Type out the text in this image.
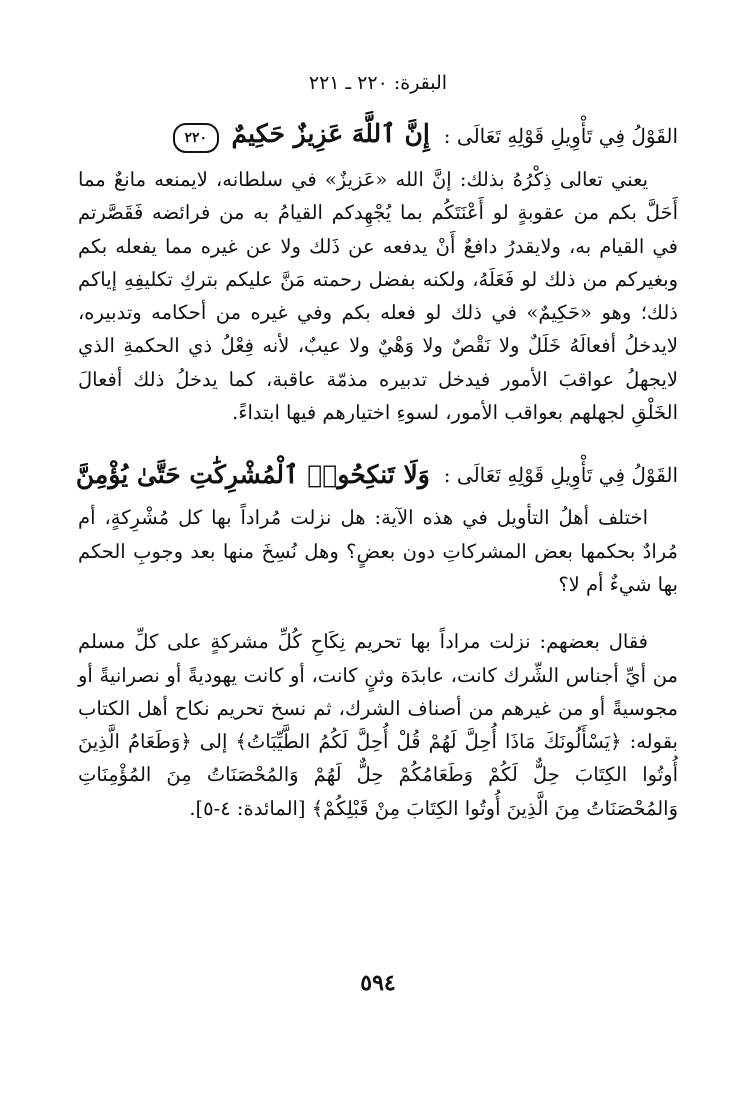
البقرة: ٢٢٠ ـ ٢٢١
القَوْلُ فِي تَأْوِيلِ قَوْلِهِ تَعَالَى :
إِنَّ ٱللَّهَ عَزِيزٌ حَكِيمٌ ٢٢٠

يعني تعالى ذِكْرُهُ بذلك: إنَّ الله «عَزيزٌ» في سلطانه، لايمنعه مانعٌ مما أَحَلَّ بكم من عقوبةٍ لو أَعْنَتَكُم بما يُجْهِدكم القيامُ به من فرائضه فَقَصَّرتم في القيام به، ولايقدرُ دافعٌ أَنْ يدفعه عن ذَلك ولا عن غيره مما يفعله بكم وبغيركم من ذلك لو فَعَلَهُ، ولكنه بفضل رحمته مَنَّ عليكم بتركِ تكليفِهِ إياكم ذلك؛ وهو «حَكِيمٌ» في ذلك لو فعله بكم وفي غيره من أحكامه وتدبيره، لايدخلُ أفعالَهُ خَلَلٌ ولا نَقْصٌ ولا وَهْيٌ ولا عيبٌ، لأنه فِعْلُ ذي الحكمةِ الذي لايجهلُ عواقبَ الأمور فيدخل تدبيره مذمّة عاقبة، كما يدخلُ ذلك أفعالَ الخَلْقِ لجهلهم بعواقب الأمور، لسوءِ اختيارهم فيها ابتداءً.

القَوْلُ فِي تَأْوِيلِ قَوْلِهِ تَعَالَى :
وَلَا تَنكِحُوا۟ ٱلْمُشْرِكَٰتِ حَتَّىٰ يُؤْمِنَّ

اختلف أهلُ التأويل في هذه الآية: هل نزلت مُراداً بها كل مُشْرِكةٍ، أم مُرادٌ بحكمها بعض المشركاتِ دون بعضٍ؟ وهل نُسِخَ منها بعد وجوبِ الحكم بها شيءٌ أم لا؟

فقال بعضهم: نزلت مراداً بها تحريم نِكَاحِ كُلِّ مشركةٍ على كلِّ مسلم من أيِّ أجناس الشِّرك كانت، عابدَة وثنٍ كانت، أو كانت يهوديةً أو نصرانيةً أو مجوسيةً أو من غيرهم من أصناف الشرك، ثم نسخ تحريم نكاح أهل الكتاب بقوله: ﴿يَسْأَلُونَكَ مَاذَا أُحِلَّ لَهُمْ قُلْ أُحِلَّ لَكُمُ الطَّيِّبَاتُ﴾ إلى ﴿وَطَعَامُ الَّذِينَ أُوتُوا الكِتَابَ حِلٌّ لَكُمْ وَطَعَامُكُمْ حِلٌّ لَهُمْ وَالمُحْصَنَاتُ مِنَ المُؤْمِنَاتِ وَالمُحْصَنَاتُ مِنَ الَّذِينَ أُوتُوا الكِتَابَ مِنْ قَبْلِكُمْ﴾ [المائدة: ٤-٥].

٥٩٤
